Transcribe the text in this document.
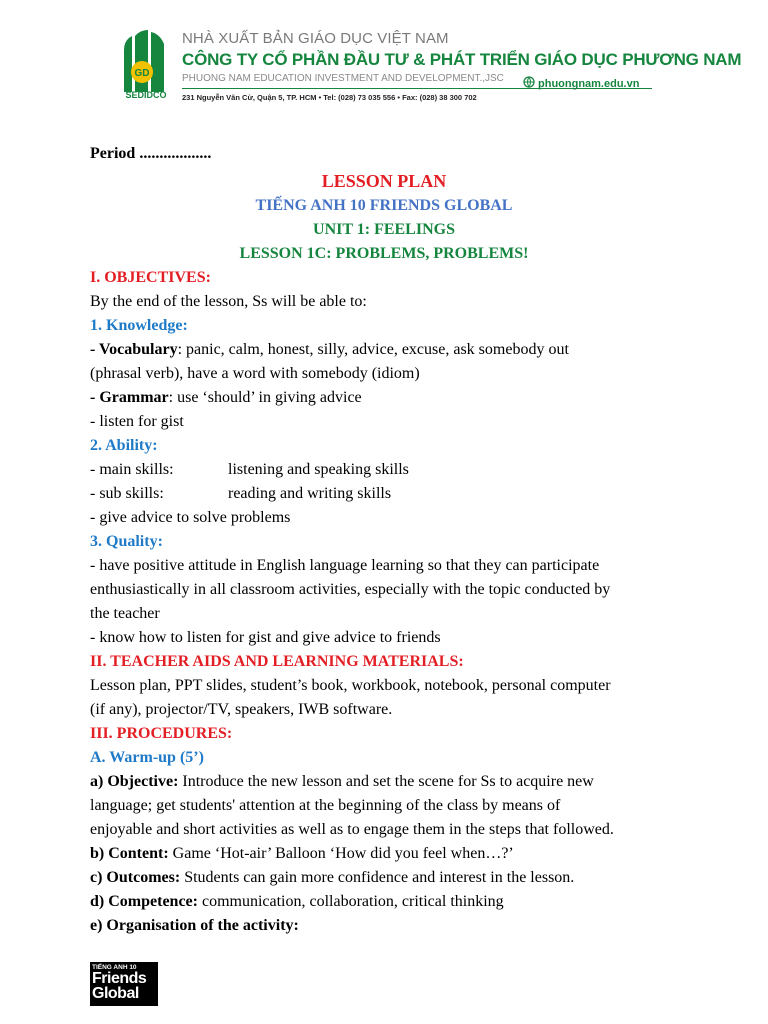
GD
SEDIDCO
NHÀ XUẤT BẢN GIÁO DỤC VIỆT NAM
CÔNG TY CỔ PHẦN ĐẦU TƯ & PHÁT TRIỂN GIÁO DỤC PHƯƠNG NAM
PHUONG NAM EDUCATION INVESTMENT AND DEVELOPMENT.,JSC	phuongnam.edu.vn
231 Nguyễn Văn Cừ, Quận 5, TP. HCM • Tel: (028) 73 035 556 • Fax: (028) 38 300 702
Period ..................
LESSON PLAN
TIẾNG ANH 10 FRIENDS GLOBAL
UNIT 1: FEELINGS
LESSON 1C: PROBLEMS, PROBLEMS!
I. OBJECTIVES:
By the end of the lesson, Ss will be able to:
1. Knowledge:
- Vocabulary: panic, calm, honest, silly, advice, excuse, ask somebody out
(phrasal verb), have a word with somebody (idiom)
- Grammar: use ‘should’ in giving advice
- listen for gist
2. Ability:
- main skills:	listening and speaking skills
- sub skills:	reading and writing skills
- give advice to solve problems
3. Quality:
- have positive attitude in English language learning so that they can participate
enthusiastically in all classroom activities, especially with the topic conducted by
the teacher
- know how to listen for gist and give advice to friends
II. TEACHER AIDS AND LEARNING MATERIALS:
Lesson plan, PPT slides, student’s book, workbook, notebook, personal computer
(if any), projector/TV, speakers, IWB software.
III. PROCEDURES:
A. Warm-up (5’)
a) Objective: Introduce the new lesson and set the scene for Ss to acquire new
language; get students' attention at the beginning of the class by means of
enjoyable and short activities as well as to engage them in the steps that followed.
b) Content: Game ‘Hot-air’ Balloon ‘How did you feel when…?’
c) Outcomes: Students can gain more confidence and interest in the lesson.
d) Competence: communication, collaboration, critical thinking
e) Organisation of the activity:
TIẾNG ANH 10
Friends
Global
